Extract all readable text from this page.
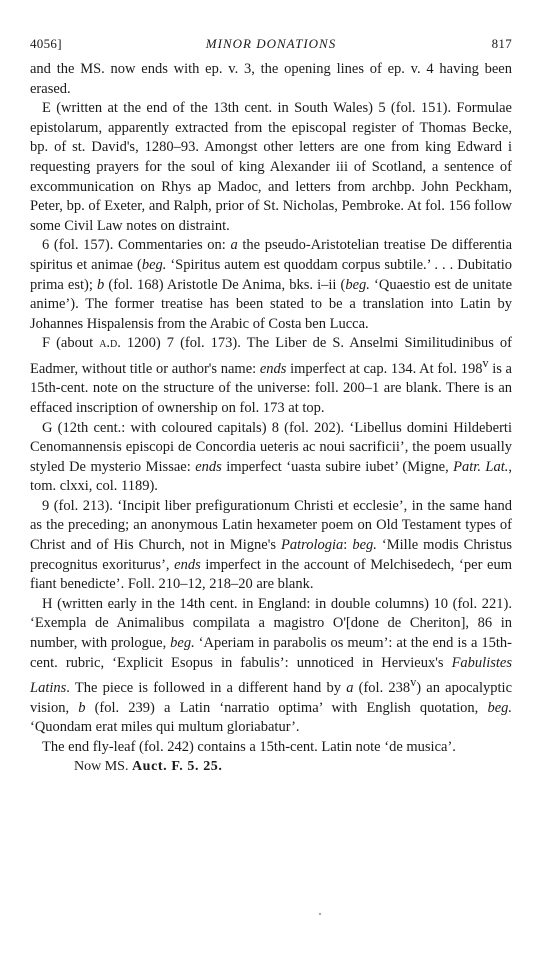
4056]	MINOR DONATIONS	817

and the MS. now ends with ep. v. 3, the opening lines of ep. v. 4 having been erased.

E (written at the end of the 13th cent. in South Wales) 5 (fol. 151). Formulae epistolarum, apparently extracted from the episcopal register of Thomas Becke, bp. of st. David's, 1280–93. Amongst other letters are one from king Edward i requesting prayers for the soul of king Alexander iii of Scotland, a sentence of excommunication on Rhys ap Madoc, and letters from archbp. John Peckham, Peter, bp. of Exeter, and Ralph, prior of St. Nicholas, Pembroke. At fol. 156 follow some Civil Law notes on distraint.

6 (fol. 157). Commentaries on: a the pseudo-Aristotelian treatise De differentia spiritus et animae (beg. ‘Spiritus autem est quoddam corpus subtile.’ . . . Dubitatio prima est); b (fol. 168) Aristotle De Anima, bks. i–ii (beg. ‘Quaestio est de unitate anime’). The former treatise has been stated to be a translation into Latin by Johannes Hispalensis from the Arabic of Costa ben Lucca.

F (about a.d. 1200) 7 (fol. 173). The Liber de S. Anselmi Similitudinibus of Eadmer, without title or author's name: ends imperfect at cap. 134. At fol. 198$^v$ is a 15th-cent. note on the structure of the universe: foll. 200–1 are blank. There is an effaced inscription of ownership on fol. 173 at top.

G (12th cent.: with coloured capitals) 8 (fol. 202). ‘Libellus domini Hildeberti Cenomannensis episcopi de Concordia ueteris ac noui sacrificii’, the poem usually styled De mysterio Missae: ends imperfect ‘uasta subire iubet’ (Migne, Patr. Lat., tom. clxxi, col. 1189).

9 (fol. 213). ‘Incipit liber prefigurationum Christi et ecclesie’, in the same hand as the preceding; an anonymous Latin hexameter poem on Old Testament types of Christ and of His Church, not in Migne's Patrologia: beg. ‘Mille modis Christus precognitus exoriturus’, ends imperfect in the account of Melchisedech, ‘per eum fiant benedicte’. Foll. 210–12, 218–20 are blank.

H (written early in the 14th cent. in England: in double columns) 10 (fol. 221). ‘Exempla de Animalibus compilata a magistro O'[done de Cheriton], 86 in number, with prologue, beg. ‘Aperiam in parabolis os meum’: at the end is a 15th-cent. rubric, ‘Explicit Esopus in fabulis’: unnoticed in Hervieux's Fabulistes Latins. The piece is followed in a different hand by a (fol. 238$^v$) an apocalyptic vision, b (fol. 239) a Latin ‘narratio optima’ with English quotation, beg. ‘Quondam erat miles qui multum gloriabatur’.

The end fly-leaf (fol. 242) contains a 15th-cent. Latin note ‘de musica’.

Now MS. Auct. F. 5. 25.
